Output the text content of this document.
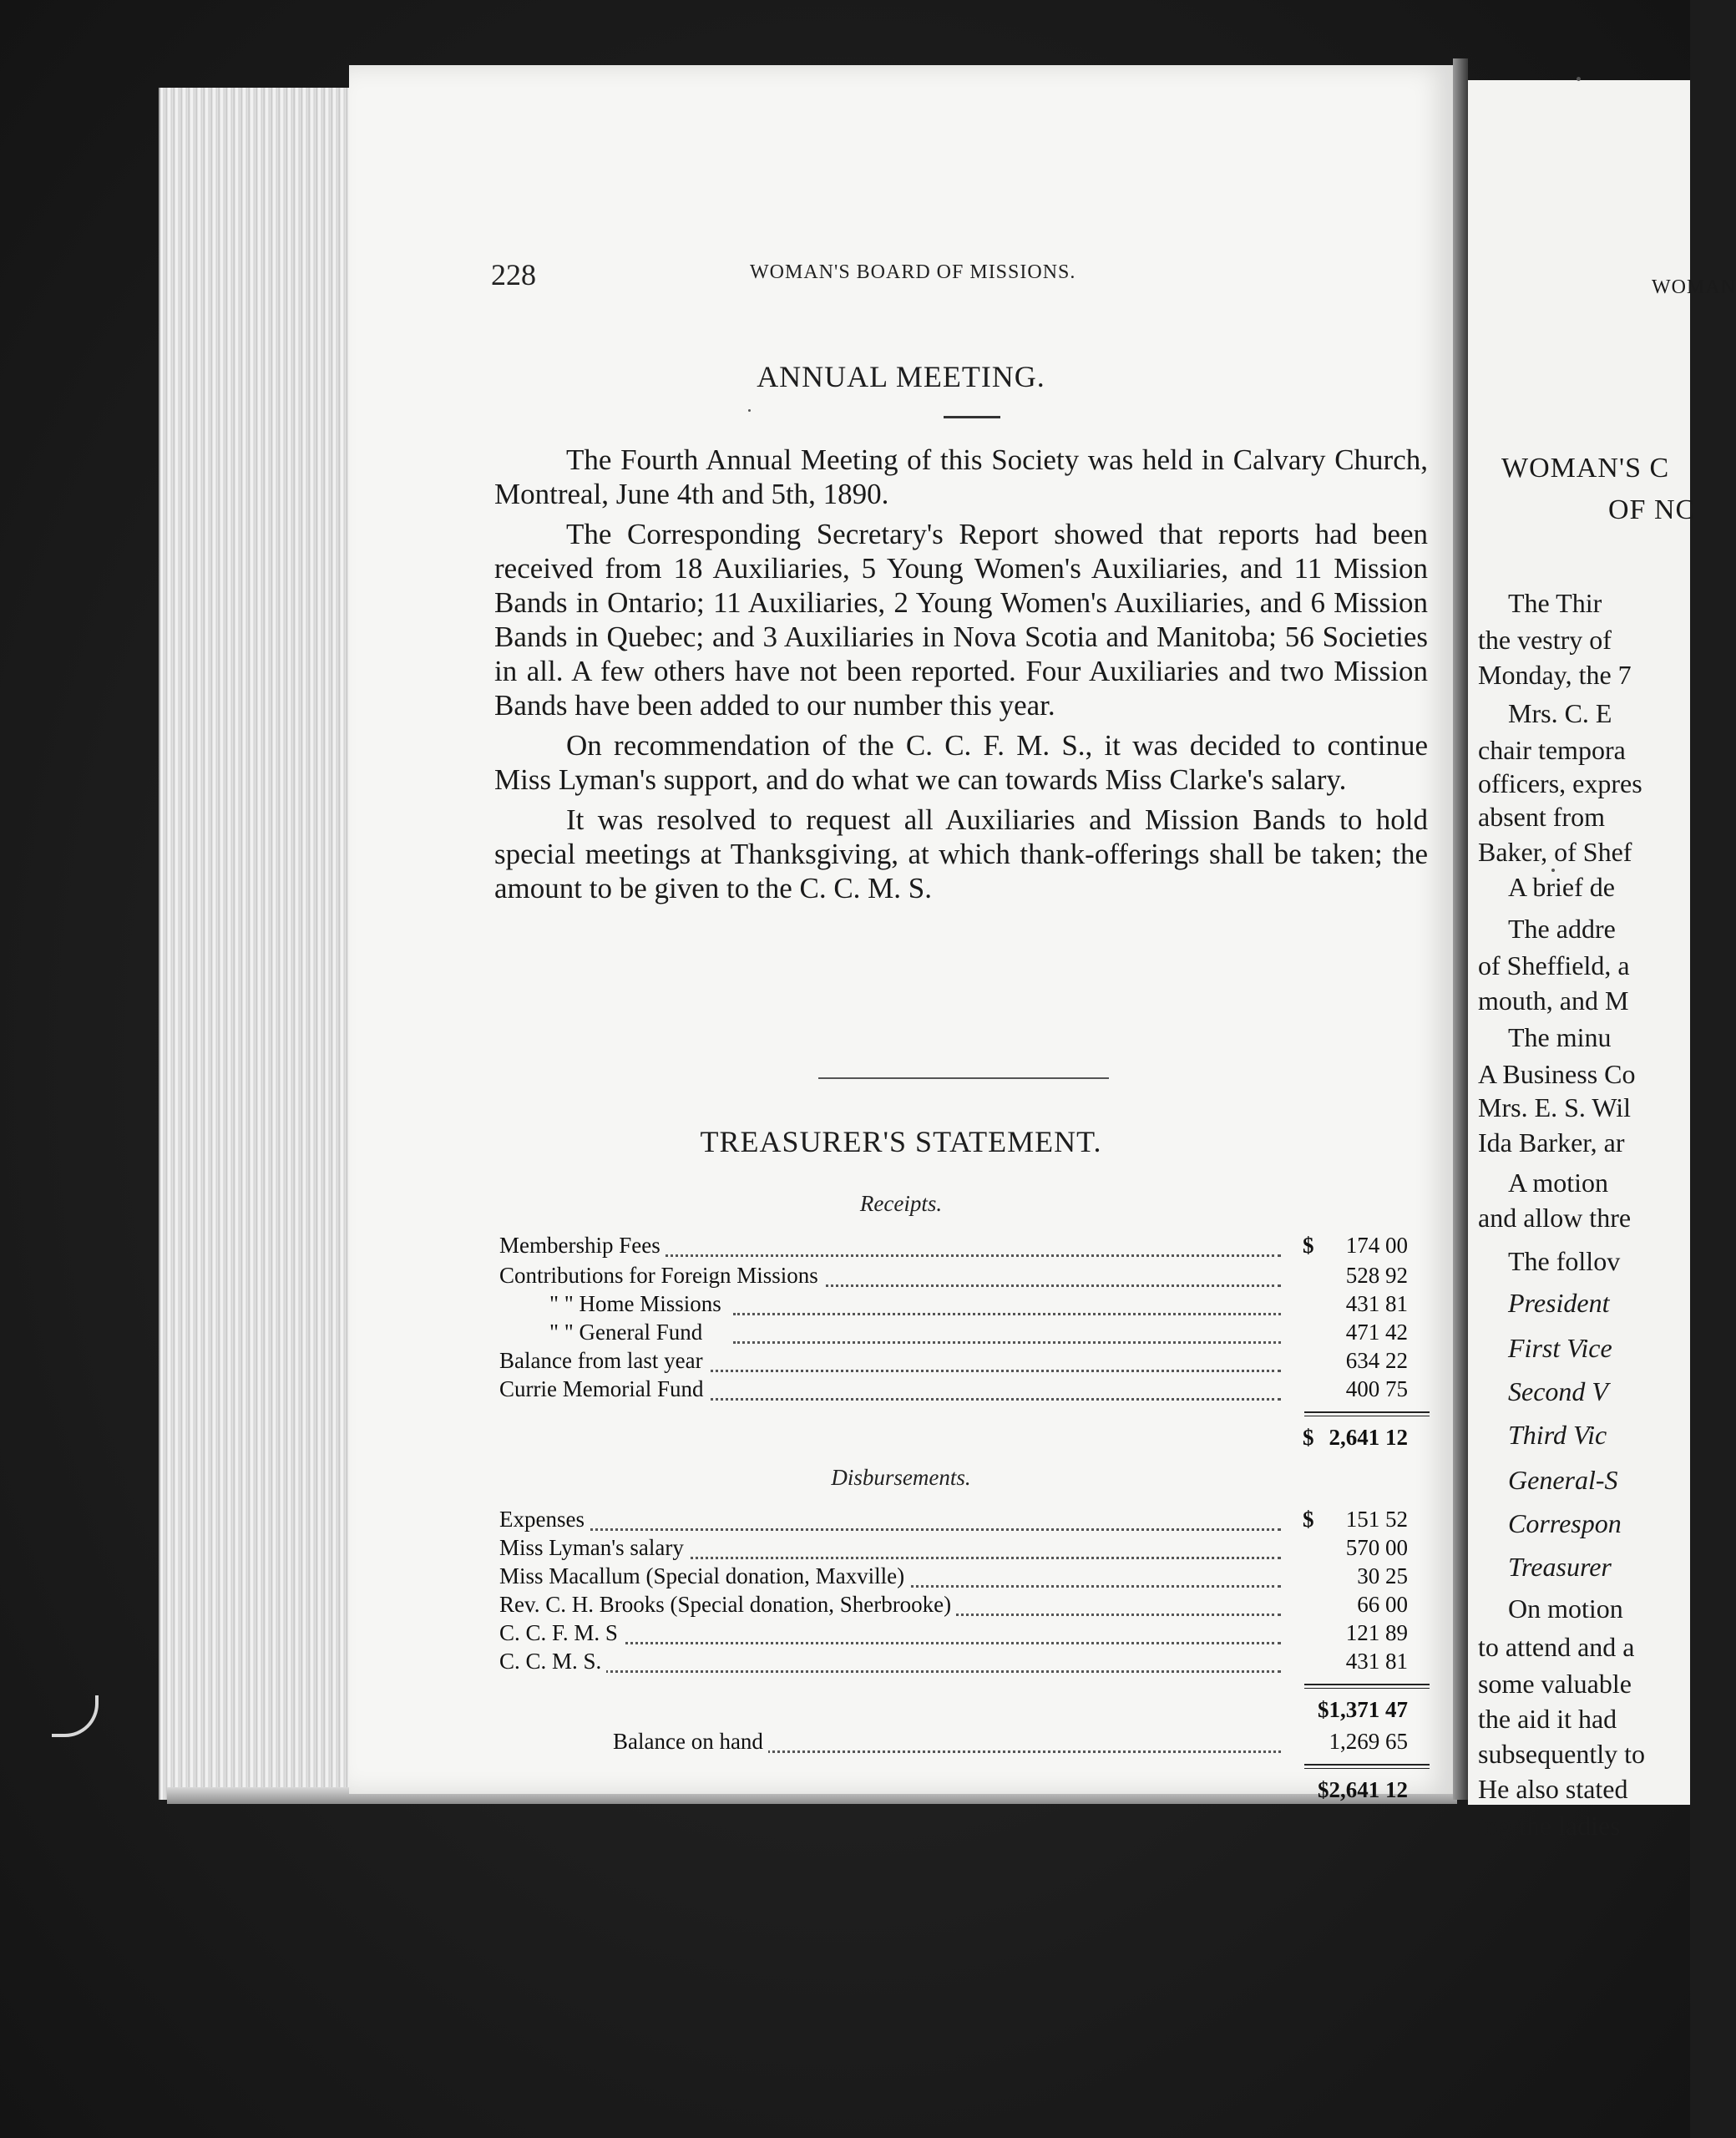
228	WOMAN'S BOARD OF MISSIONS.
ANNUAL MEETING.

The Fourth Annual Meeting of this Society was held in Calvary Church, Montreal, June 4th and 5th, 1890.

The Corresponding Secretary's Report showed that reports had been received from 18 Auxiliaries, 5 Young Women's Auxiliaries, and 11 Mission Bands in Ontario; 11 Auxiliaries, 2 Young Women's Auxiliaries, and 6 Mission Bands in Quebec; and 3 Auxiliaries in Nova Scotia and Manitoba; 56 Societies in all. A few others have not been reported. Four Auxiliaries and two Mission Bands have been added to our number this year.

On recommendation of the C. C. F. M. S., it was decided to continue Miss Lyman's support, and do what we can towards Miss Clarke's salary.

It was resolved to request all Auxiliaries and Mission Bands to hold special meetings at Thanksgiving, at which thank-offerings shall be taken; the amount to be given to the C. C. M. S.

TREASURER'S STATEMENT.
Receipts.
Membership Fees	$ 174 00
Contributions for Foreign Missions	528 92
" " Home Missions	431 81
" " General Fund	471 42
Balance from last year	634 22
Currie Memorial Fund	400 75
$ 2,641 12
Disbursements.
Expenses	$ 151 52
Miss Lyman's salary	570 00
Miss Macallum (Special donation, Maxville)	30 25
Rev. C. H. Brooks (Special donation, Sherbrooke)	66 00
C. C. F. M. S	121 89
C. C. M. S.	431 81
$1,371 47
Balance on hand	1,269 65
$2,641 12
WOMAN
WOMAN'S C
OF NC
The Thir
the vestry of
Monday, the 7
Mrs. C. E
chair tempora
officers, expres
absent from
Baker, of Shef
A brief de
The addre
of Sheffield, a
mouth, and M
The minu
A Business Co
Mrs. E. S. Wil
Ida Barker, ar
A motion
and allow thre
The follov
President
First Vice
Second V
Third Vic
General-S
Correspon
Treasurer
On motion
to attend and a
some valuable
the aid it had
subsequently to
He also stated
ing the ladies
